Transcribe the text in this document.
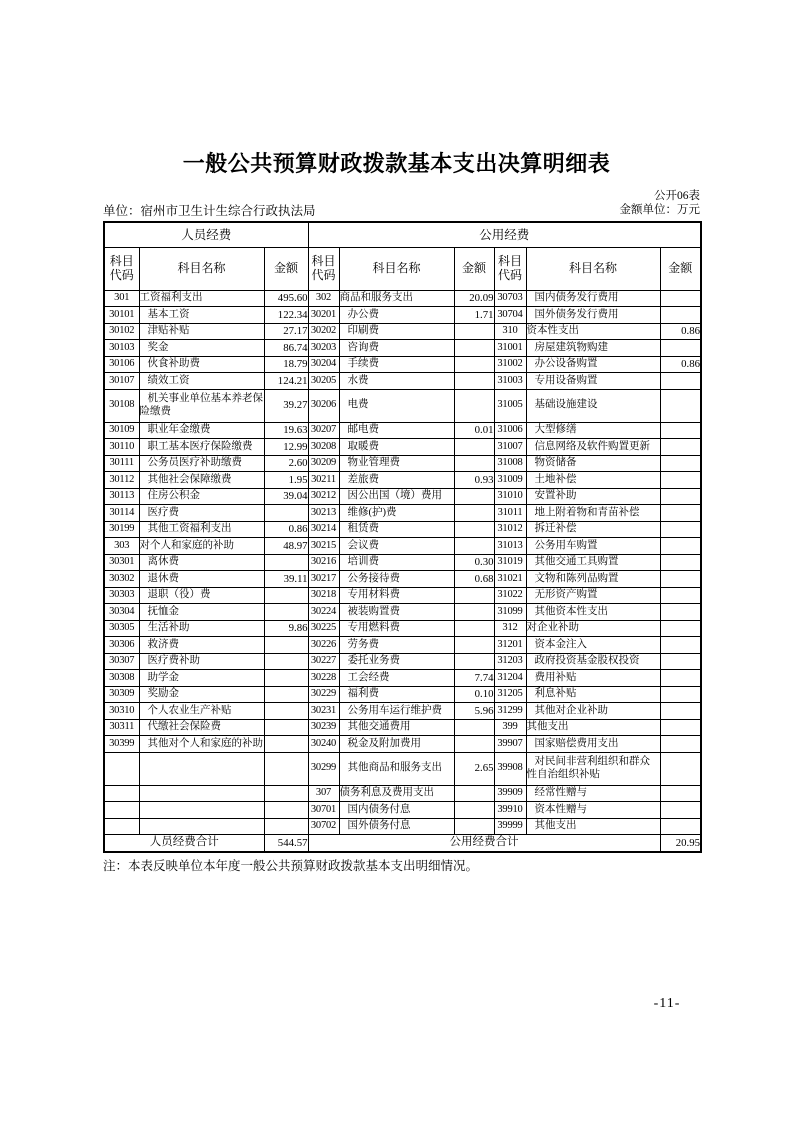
一般公共预算财政拨款基本支出决算明细表
公开06表
单位：宿州市卫生计生综合行政执法局	金额单位：万元
人员经费			公用经费					
科目代码	科目名称	金额	科目代码	科目名称	金额	科目代码	科目名称	金额
301	工资福利支出	495.60	302	商品和服务支出	20.09	30703	国内债务发行费用	
30101	基本工资	122.34	30201	办公费	1.71	30704	国外债务发行费用	
30102	津贴补贴	27.17	30202	印刷费		310	资本性支出	0.86
30103	奖金	86.74	30203	咨询费		31001	房屋建筑物购建	
30106	伙食补助费	18.79	30204	手续费		31002	办公设备购置	0.86
30107	绩效工资	124.21	30205	水费		31003	专用设备购置	
30108	机关事业单位基本养老保险缴费	39.27	30206	电费		31005	基础设施建设	
30109	职业年金缴费	19.63	30207	邮电费	0.01	31006	大型修缮	
30110	职工基本医疗保险缴费	12.99	30208	取暖费		31007	信息网络及软件购置更新	
30111	公务员医疗补助缴费	2.60	30209	物业管理费		31008	物资储备	
30112	其他社会保障缴费	1.95	30211	差旅费	0.93	31009	土地补偿	
30113	住房公积金	39.04	30212	因公出国（境）费用		31010	安置补助	
30114	医疗费		30213	维修(护)费		31011	地上附着物和青苗补偿	
30199	其他工资福利支出	0.86	30214	租赁费		31012	拆迁补偿	
303	对个人和家庭的补助	48.97	30215	会议费		31013	公务用车购置	
30301	离休费		30216	培训费	0.30	31019	其他交通工具购置	
30302	退休费	39.11	30217	公务接待费	0.68	31021	文物和陈列品购置	
30303	退职（役）费		30218	专用材料费		31022	无形资产购置	
30304	抚恤金		30224	被装购置费		31099	其他资本性支出	
30305	生活补助	9.86	30225	专用燃料费		312	对企业补助	
30306	救济费		30226	劳务费		31201	资本金注入	
30307	医疗费补助		30227	委托业务费		31203	政府投资基金股权投资	
30308	助学金		30228	工会经费	7.74	31204	费用补贴	
30309	奖励金		30229	福利费	0.10	31205	利息补贴	
30310	个人农业生产补贴		30231	公务用车运行维护费	5.96	31299	其他对企业补助	
30311	代缴社会保险费		30239	其他交通费用		399	其他支出	
30399	其他对个人和家庭的补助		30240	税金及附加费用		39907	国家赔偿费用支出	
			30299	其他商品和服务支出	2.65	39908	对民间非营利组织和群众性自治组织补贴	
			307	债务利息及费用支出		39909	经常性赠与	
			30701	国内债务付息		39910	资本性赠与	
			30702	国外债务付息		39999	其他支出	
人员经费合计		544.57	公用经费合计					20.95
注：本表反映单位本年度一般公共预算财政拨款基本支出明细情况。
-11-
